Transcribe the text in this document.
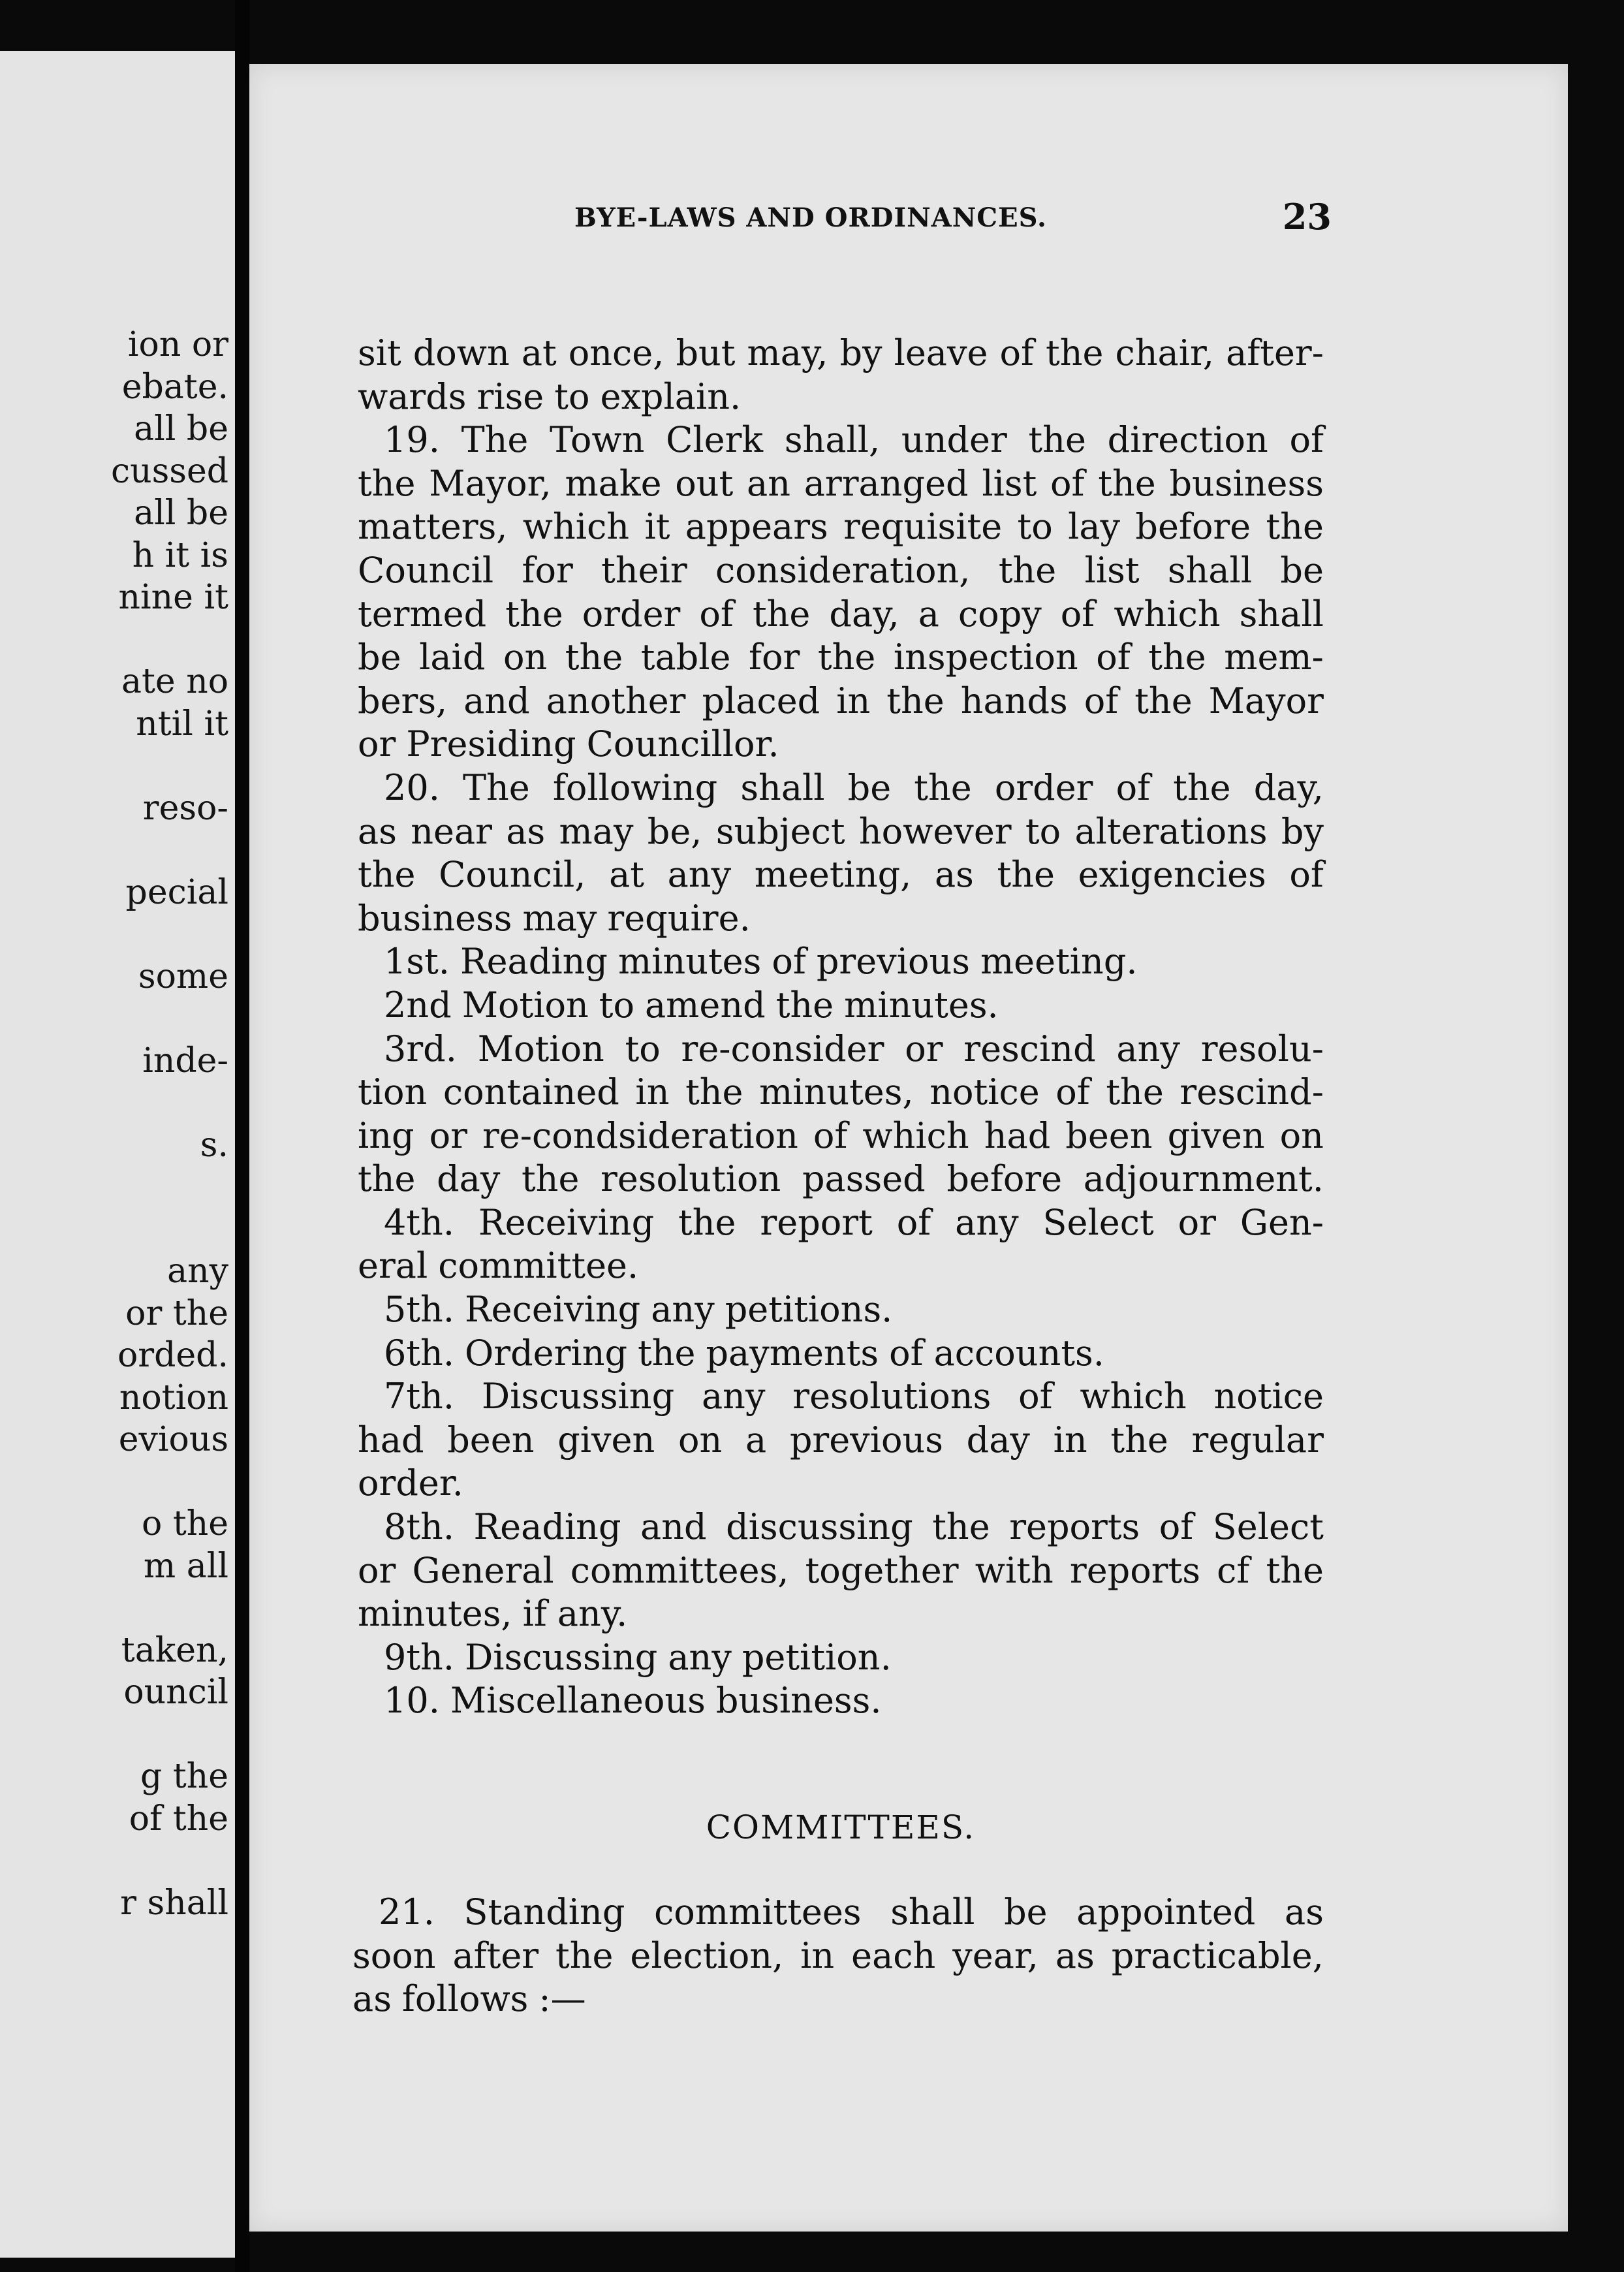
ion or
ebate.
all be
cussed
all be
h it is
nine it
ate no
ntil it
reso-
pecial
some
inde-
s.
any
or the
orded.
notion
evious
o the
m all
taken,
ouncil
g the
of the
r shall
BYE-LAWS AND ORDINANCES.	23
sit down at once, but may, by leave of the chair, after-
wards rise to explain.
19. The Town Clerk shall, under the direction of
the Mayor, make out an arranged list of the business
matters, which it appears requisite to lay before the
Council for their consideration, the list shall be
termed the order of the day, a copy of which shall
be laid on the table for the inspection of the mem-
bers, and another placed in the hands of the Mayor
or Presiding Councillor.
20. The following shall be the order of the day,
as near as may be, subject however to alterations by
the Council, at any meeting, as the exigencies of
business may require.
1st. Reading minutes of previous meeting.
2nd Motion to amend the minutes.
3rd. Motion to re-consider or rescind any resolu-
tion contained in the minutes, notice of the rescind-
ing or re-condsideration of which had been given on
the day the resolution passed before adjournment.
4th. Receiving the report of any Select or Gen-
eral committee.
5th. Receiving any petitions.
6th. Ordering the payments of accounts.
7th. Discussing any resolutions of which notice
had been given on a previous day in the regular
order.
8th. Reading and discussing the reports of Select
or General committees, together with reports cf the
minutes, if any.
9th. Discussing any petition.
10. Miscellaneous business.
COMMITTEES.
21. Standing committees shall be appointed as
soon after the election, in each year, as practicable,
as follows :—
